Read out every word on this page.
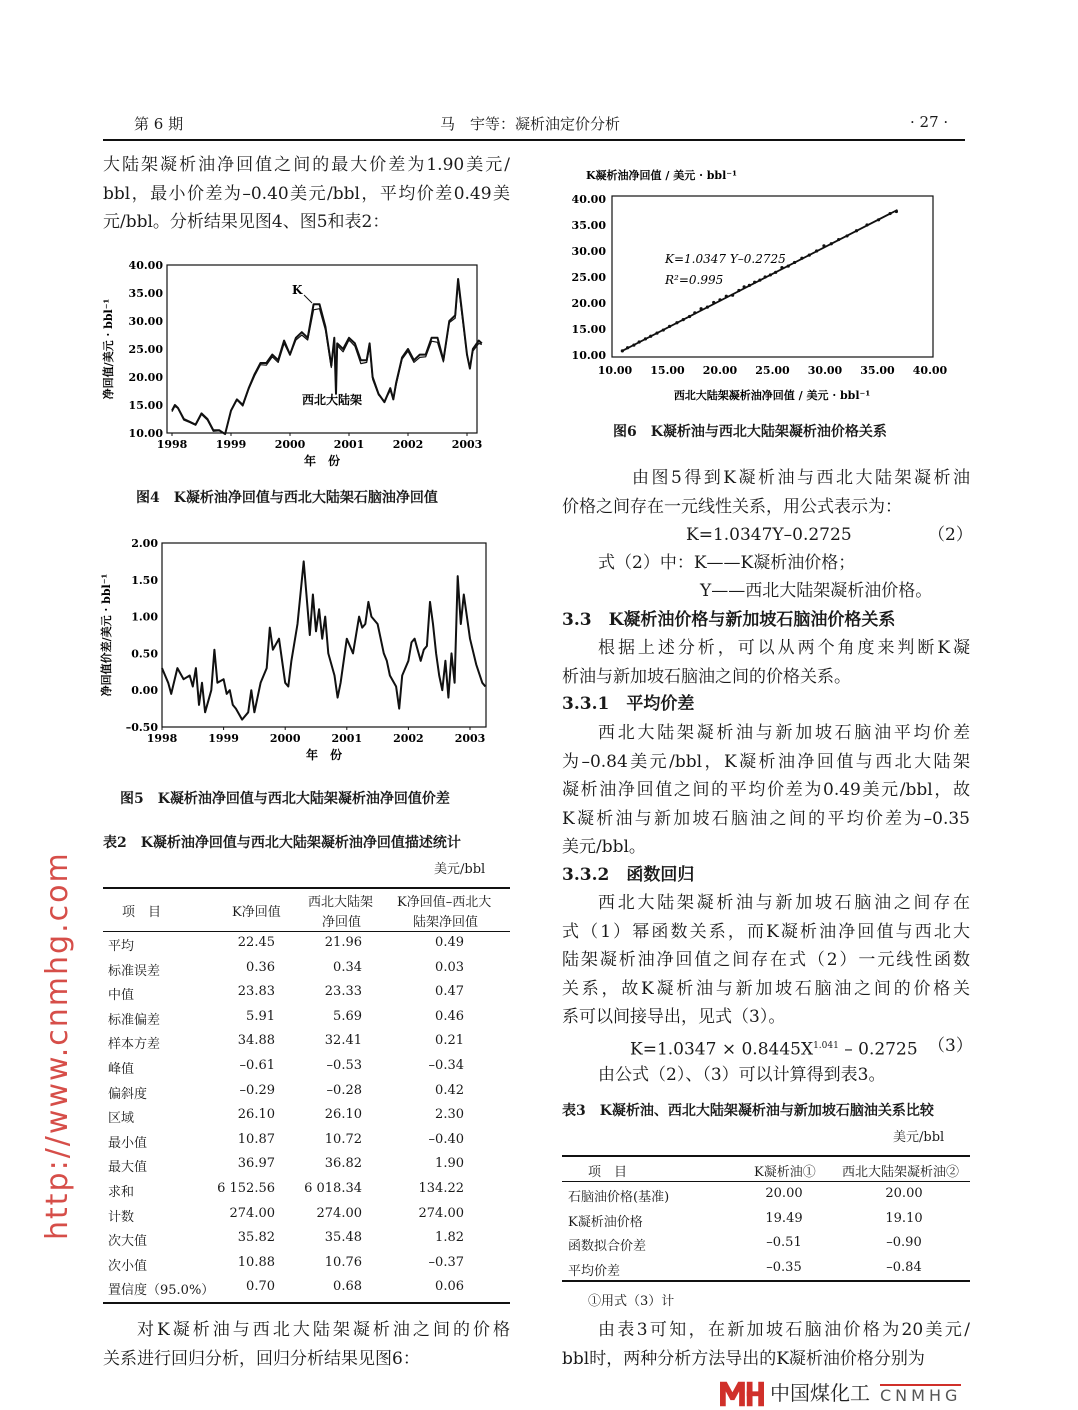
第 6 期	马　宇等：凝析油定价分析	· 27 ·
大陆架凝析油净回值之间的最大价差为1.90美元/
bbl，最小价差为–0.40美元/bbl，平均价差0.49美
元/bbl。分析结果见图4、图5和表2：
10.00
15.00
20.00
25.00
30.00
35.00
40.00
1998	1999	2000	2001	2002	2003
年　份
净回值/美元 · bbl⁻¹
K
西北大陆架
图4　K凝析油净回值与西北大陆架石脑油净回值
–0.50
0.00
0.50
1.00
1.50
2.00
1998	1999	2000	2001	2002	2003
年　份
净回值价差/美元 · bbl⁻¹
图5　K凝析油净回值与西北大陆架凝析油净回值价差
表2　K凝析油净回值与西北大陆架凝析油净回值描述统计
美元/bbl
项　目	K净回值
西北大陆架
净回值
K净回值–西北大
陆架净回值
平均	22.45	21.96	0.49
标准误差	0.36	0.34	0.03
中值	23.83	23.33	0.47
标准偏差	5.91	5.69	0.46
样本方差	34.88	32.41	0.21
峰值	–0.61	–0.53	–0.34
偏斜度	–0.29	–0.28	0.42
区域	26.10	26.10	2.30
最小值	10.87	10.72	–0.40
最大值	36.97	36.82	1.90
求和	6 152.56	6 018.34	134.22
计数	274.00	274.00	274.00
次大值	35.82	35.48	1.82
次小值	10.88	10.76	–0.37
置信度（95.0%）	0.70	0.68	0.06
对K凝析油与西北大陆架凝析油之间的价格
关系进行回归分析，回归分析结果见图6：
K凝析油净回值 / 美元 · bbl⁻¹
10.00
15.00
20.00
25.00
30.00
35.00
40.00
10.00 15.00 20.00 25.00 30.00 35.00 40.00
西北大陆架凝析油净回值 / 美元 · bbl⁻¹
K=1.0347 Y–0.2725
R²=0.995
图6　K凝析油与西北大陆架凝析油价格关系
由图5得到K凝析油与西北大陆架凝析油
价格之间存在一元线性关系，用公式表示为：
K=1.0347Y–0.2725	（2）
式（2）中：K——K凝析油价格；
Y——西北大陆架凝析油价格。
3.3　K凝析油价格与新加坡石脑油价格关系
根据上述分析，可以从两个角度来判断K凝
析油与新加坡石脑油之间的价格关系。
3.3.1　平均价差
西北大陆架凝析油与新加坡石脑油平均价差
为–0.84美元/bbl，K凝析油净回值与西北大陆架
凝析油净回值之间的平均价差为0.49美元/bbl，故
K凝析油与新加坡石脑油之间的平均价差为–0.35
美元/bbl。
3.3.2　函数回归
西北大陆架凝析油与新加坡石脑油之间存在
式（1）幂函数关系，而K凝析油净回值与西北大
陆架凝析油净回值之间存在式（2）一元线性函数
关系，故K凝析油与新加坡石脑油之间的价格关
系可以间接导出，见式（3）。
$K=1.0347 \times 0.8445X^{1.041} - 0.2725$ （3）
由公式（2）、（3）可以计算得到表3。
由表3可知，在新加坡石脑油价格为20美元/
bbl时，两种分析方法导出的K凝析油价格分别为
表3　K凝析油、西北大陆架凝析油与新加坡石脑油关系比较
美元/bbl
项　目	K凝析油① 西北大陆架凝析油②
石脑油价格(基准)	20.00	20.00
K凝析油价格	19.49	19.10
函数拟合价差	–0.51	–0.90
平均价差	–0.35	–0.84
①用式（3）计
http://www.cnmhg.com
中国煤化工 CNMHG
